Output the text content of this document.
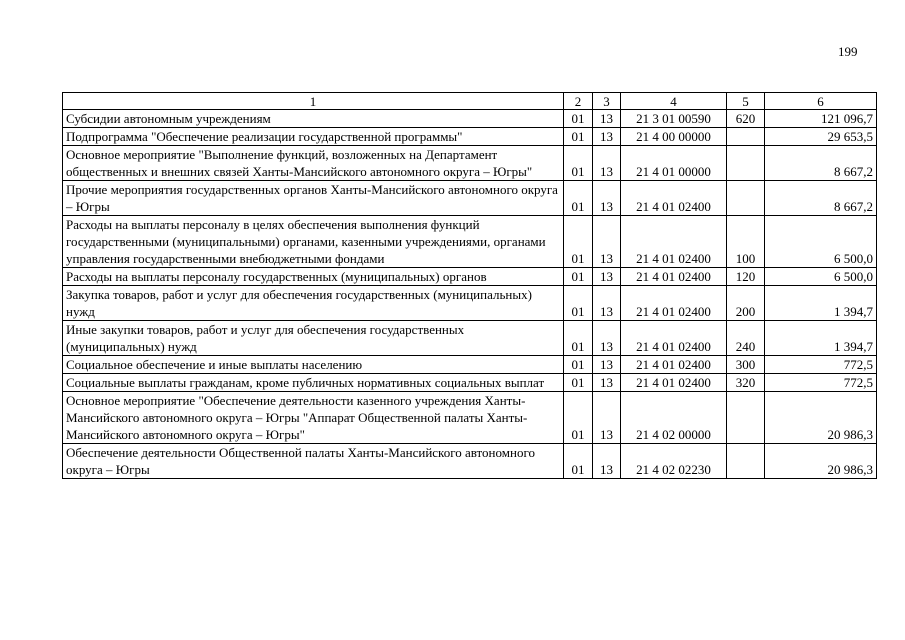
199
1	2	3	4	5	6
Субсидии автономным учреждениям	01	13	21 3 01 00590	620	121 096,7
Подпрограмма "Обеспечение реализации государственной программы"	01	13	21 4 00 00000		29 653,5
Основное мероприятие "Выполнение функций, возложенных на Департамент общественных и внешних связей Ханты-Мансийского автономного округа – Югры"	01	13	21 4 01 00000		8 667,2
Прочие мероприятия государственных органов Ханты-Мансийского автономного округа – Югры	01	13	21 4 01 02400		8 667,2
Расходы на выплаты персоналу в целях обеспечения выполнения функций государственными (муниципальными) органами, казенными учреждениями, органами управления государственными внебюджетными фондами	01	13	21 4 01 02400	100	6 500,0
Расходы на выплаты персоналу государственных (муниципальных) органов	01	13	21 4 01 02400	120	6 500,0
Закупка товаров, работ и услуг для обеспечения государственных (муниципальных) нужд	01	13	21 4 01 02400	200	1 394,7
Иные закупки товаров, работ и услуг для обеспечения государственных (муниципальных) нужд	01	13	21 4 01 02400	240	1 394,7
Социальное обеспечение и иные выплаты населению	01	13	21 4 01 02400	300	772,5
Социальные выплаты гражданам, кроме публичных нормативных социальных выплат	01	13	21 4 01 02400	320	772,5
Основное мероприятие "Обеспечение деятельности казенного учреждения Ханты-Мансийского автономного округа – Югры "Аппарат Общественной палаты Ханты-Мансийского автономного округа – Югры"	01	13	21 4 02 00000		20 986,3
Обеспечение деятельности Общественной палаты Ханты-Мансийского автономного округа – Югры	01	13	21 4 02 02230		20 986,3
